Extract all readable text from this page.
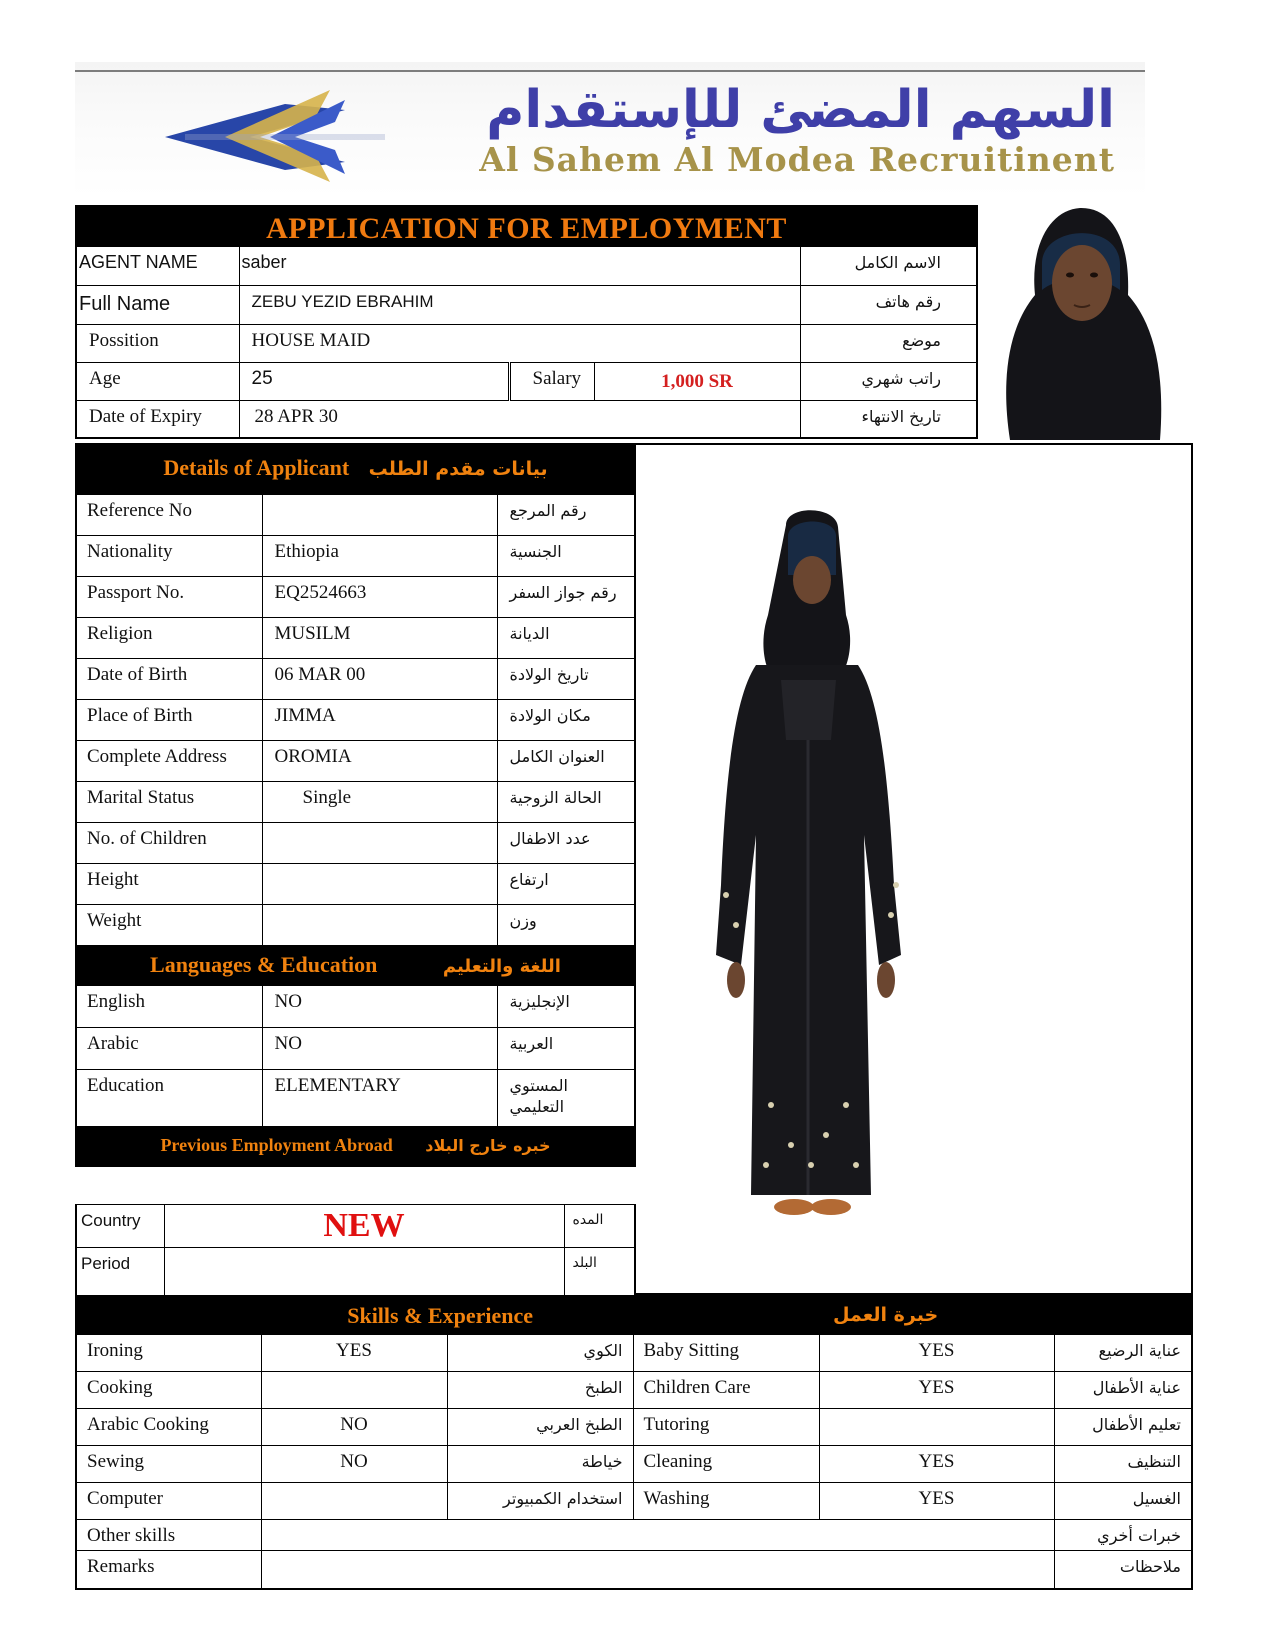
السهم المضئ للإستقدام
Al Sahem Al Modea Recruitinent
APPLICATION FOR EMPLOYMENT				
AGENT NAME	saber			الاسم الكامل
Full Name	ZEBU YEZID EBRAHIM			رقم هاتف
Possition	HOUSE MAID			موضع
Age	25	Salary	1,000 SR	راتب شهري
Date of Expiry	28 APR 30			تاريخ الانتهاء
Details of Applicant بيانات مقدم الطلب		
Reference No		رقم المرجع
Nationality	Ethiopia	الجنسية
Passport No.	EQ2524663	رقم جواز السفر
Religion	MUSILM	الديانة
Date of Birth	06 MAR 00	تاريخ الولادة
Place of Birth	JIMMA	مكان الولادة
Complete Address	OROMIA	العنوان الكامل
Marital Status	Single	الحالة الزوجية
No. of Children		عدد الاطفال
Height		ارتفاع
Weight		وزن
Languages & Education اللغة والتعليم		
English	NO	الإنجليزية
Arabic	NO	العربية
Education	ELEMENTARY	المستوي التعليمي
Previous Employment Abroad خبره خارج البلاد		
Country	NEW	المده
Period		البلد
Skills & Experience			خبرة العمل		
Ironing	YES	الكوي	Baby Sitting	YES	عناية الرضيع
Cooking		الطبخ	Children Care	YES	عناية الأطفال
Arabic Cooking	NO	الطبخ العربي	Tutoring		تعليم الأطفال
Sewing	NO	خياطة	Cleaning	YES	التنظيف
Computer		استخدام الكمبيوتر	Washing	YES	الغسيل
Other skills					خبرات أخري
Remarks					ملاحظات
